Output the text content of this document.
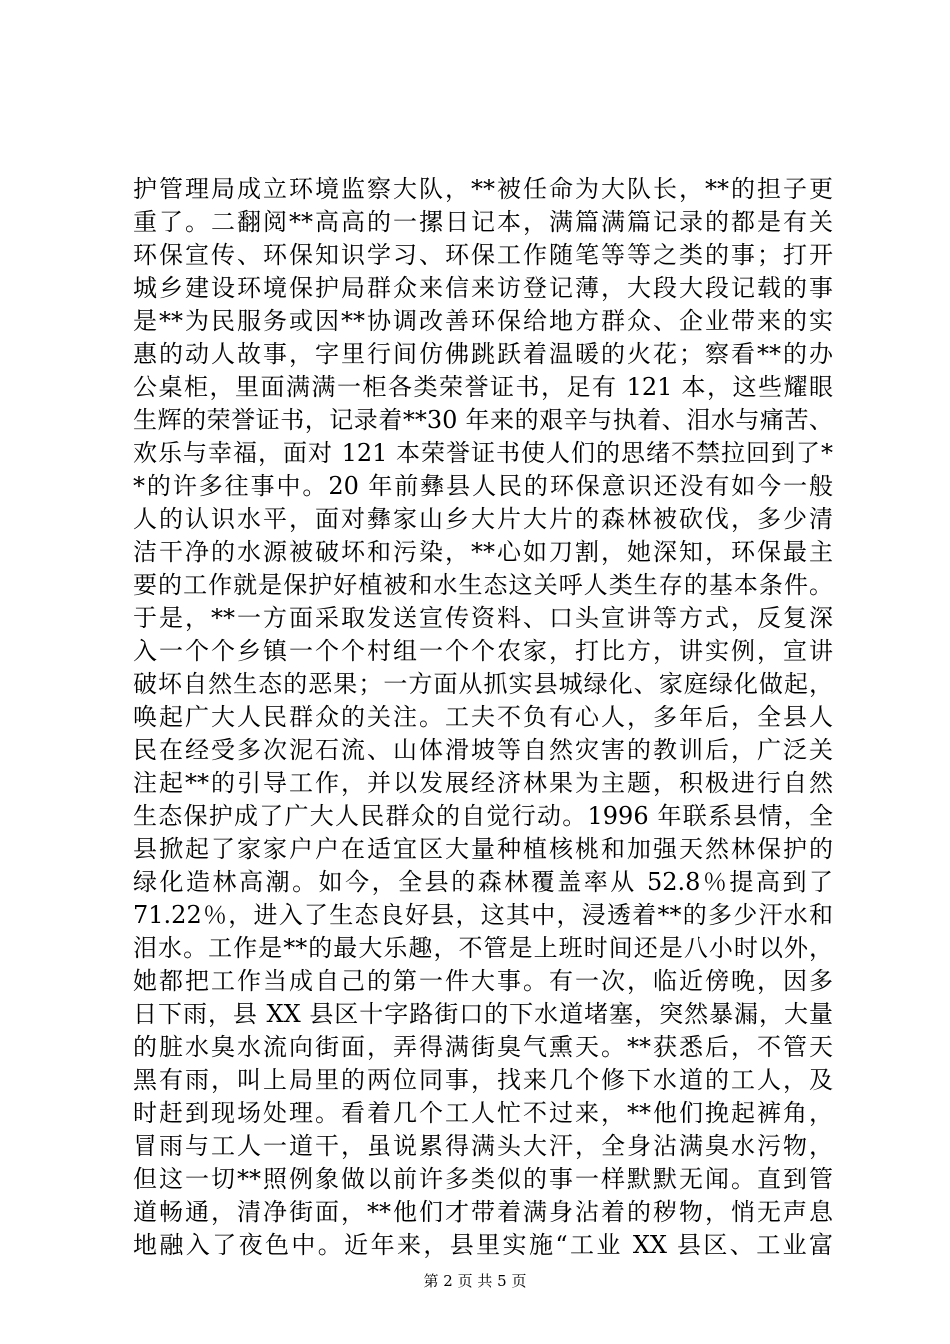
护管理局成立环境监察大队，**被任命为大队长，**的担子更
重了。二翻阅**高高的一摞日记本，满篇满篇记录的都是有关
环保宣传、环保知识学习、环保工作随笔等等之类的事；打开
城乡建设环境保护局群众来信来访登记薄，大段大段记载的事
是**为民服务或因**协调改善环保给地方群众、企业带来的实
惠的动人故事，字里行间仿佛跳跃着温暖的火花；察看**的办
公桌柜，里面满满一柜各类荣誉证书，足有 121 本，这些耀眼
生辉的荣誉证书，记录着**30 年来的艰辛与执着、泪水与痛苦、
欢乐与幸福，面对 121 本荣誉证书使人们的思绪不禁拉回到了*
*的许多往事中。20 年前彝县人民的环保意识还没有如今一般
人的认识水平，面对彝家山乡大片大片的森林被砍伐，多少清
洁干净的水源被破坏和污染，**心如刀割，她深知，环保最主
要的工作就是保护好植被和水生态这关呼人类生存的基本条件。
于是，**一方面采取发送宣传资料、口头宣讲等方式，反复深
入一个个乡镇一个个村组一个个农家，打比方，讲实例，宣讲
破坏自然生态的恶果；一方面从抓实县城绿化、家庭绿化做起，
唤起广大人民群众的关注。工夫不负有心人，多年后，全县人
民在经受多次泥石流、山体滑坡等自然灾害的教训后，广泛关
注起**的引导工作，并以发展经济林果为主题，积极进行自然
生态保护成了广大人民群众的自觉行动。1996 年联系县情，全
县掀起了家家户户在适宜区大量种植核桃和加强天然林保护的
绿化造林高潮。如今，全县的森林覆盖率从 52.8％提高到了
71.22％，进入了生态良好县，这其中，浸透着**的多少汗水和
泪水。工作是**的最大乐趣，不管是上班时间还是八小时以外，
她都把工作当成自己的第一件大事。有一次，临近傍晚，因多
日下雨，县 XX 县区十字路街口的下水道堵塞，突然暴漏，大量
的脏水臭水流向街面，弄得满街臭气熏天。**获悉后，不管天
黑有雨，叫上局里的两位同事，找来几个修下水道的工人，及
时赶到现场处理。看着几个工人忙不过来，**他们挽起裤角，
冒雨与工人一道干，虽说累得满头大汗，全身沾满臭水污物，
但这一切**照例象做以前许多类似的事一样默默无闻。直到管
道畅通，清净街面，**他们才带着满身沾着的秽物，悄无声息
地融入了夜色中。近年来，县里实施“工业 XX 县区、工业富
第 2 页 共 5 页
